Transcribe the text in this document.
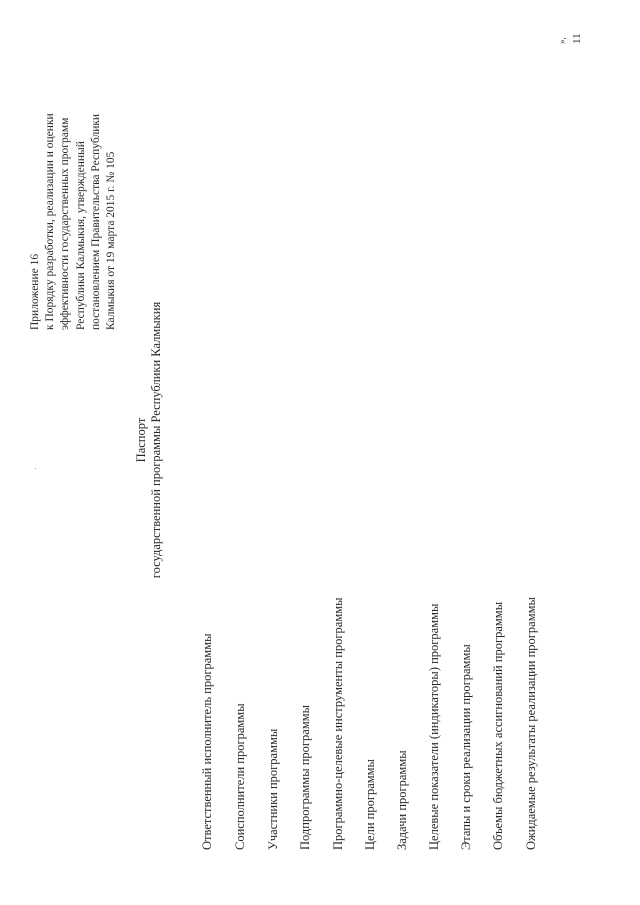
Приложение 16 к Порядку разработки, реализации и оценки эффективности государственных программ Республики Калмыкия, утвержденный постановлением Правительства Республики Калмыкия от 19 марта 2015 г. № 105
Паспорт государственной программы Республики Калмыкия
Ответственный исполнитель программы Соисполнители программы Участники программы Подпрограммы программы Программно-целевые инструменты программы Цели программы Задачи программы Целевые показатели (индикаторы) программы Этапы и сроки реализации программы Объемы бюджетных ассигнований программы Ожидаемые результаты реализации программы
», 11
